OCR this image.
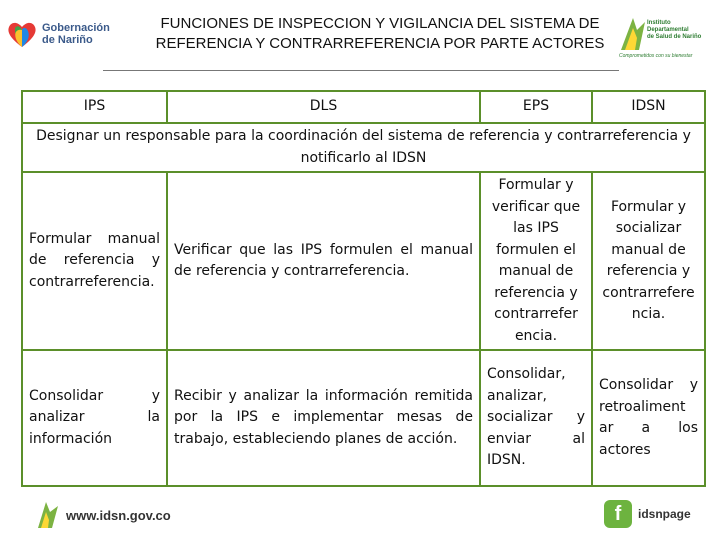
Gobernación
de Nariño
FUNCIONES DE INSPECCION Y VIGILANCIA DEL SISTEMA DE REFERENCIA Y CONTRARREFERENCIA POR PARTE ACTORES
Instituto
Departamental
de Salud de Nariño
Comprometidos con su bienestar
IPS	DLS	EPS	IDSN
Designar un responsable para la coordinación del sistema de referencia y contrarreferencia y notificarlo al IDSN			
Formular manual de referencia y contrarreferencia.	Verificar que las IPS formulen el manual de referencia y contrarreferencia.	Formular y verificar que las IPS formulen el manual de referencia y contrarrefer encia.	Formular y socializar manual de referencia y contrarrefere ncia.
Consolidar y analizar la información	Recibir y analizar la información remitida por la IPS e implementar mesas de trabajo, estableciendo planes de acción.	Consolidar, analizar, socializar y enviar al IDSN.	Consolidar y retroaliment ar a los actores
www.idsn.gov.co	f	idsnpage
